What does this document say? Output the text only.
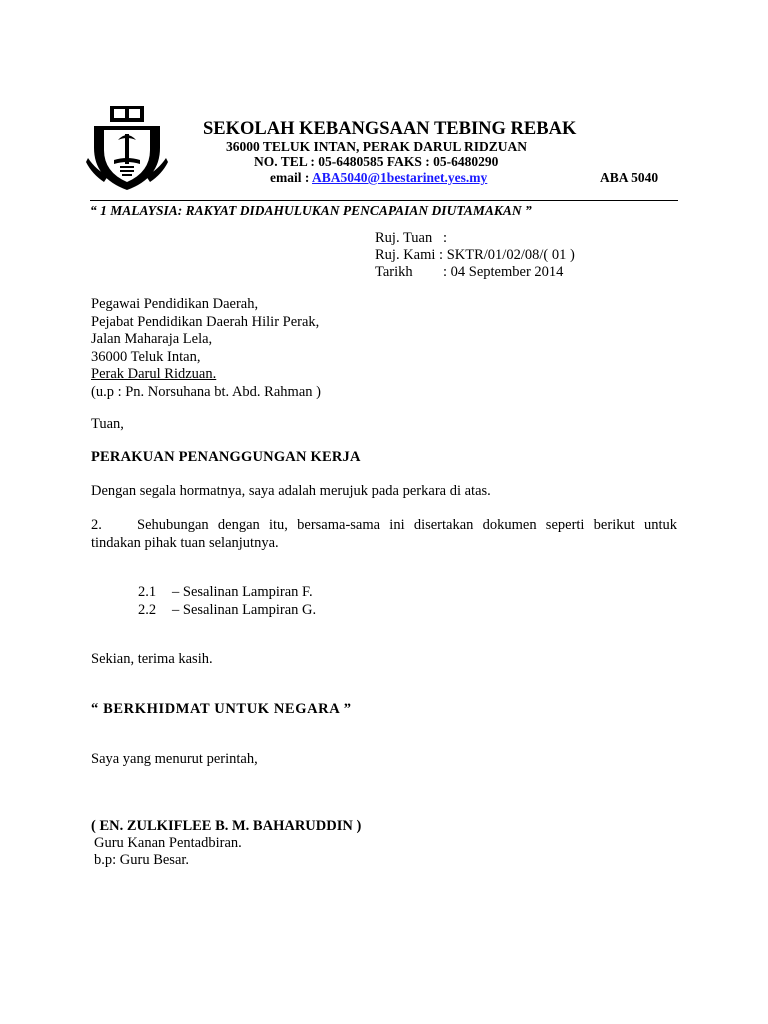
SEKOLAH KEBANGSAAN TEBING REBAK
36000 TELUK INTAN, PERAK DARUL RIDZUAN
NO. TEL : 05-6480585 FAKS : 05-6480290
email : ABA5040@1bestarinet.yes.my	ABA 5040
“ 1 MALAYSIA: RAKYAT DIDAHULUKAN PENCAPAIAN DIUTAMAKAN ”
Ruj. Tuan :
Ruj. Kami : SKTR/01/02/08/( 01 )
Tarikh : 04 September 2014
Pegawai Pendidikan Daerah,
Pejabat Pendidikan Daerah Hilir Perak,
Jalan Maharaja Lela,
36000 Teluk Intan,
Perak Darul Ridzuan.
(u.p : Pn. Norsuhana bt. Abd. Rahman )
Tuan,
PERAKUAN PENANGGUNGAN KERJA
Dengan segala hormatnya, saya adalah merujuk pada perkara di atas.
2.	Sehubungan dengan itu, bersama-sama ini disertakan dokumen seperti berikut untuk
tindakan pihak tuan selanjutnya.
2.1 – Sesalinan Lampiran F.
2.2 – Sesalinan Lampiran G.
Sekian, terima kasih.
“ BERKHIDMAT UNTUK NEGARA ”
Saya yang menurut perintah,
( EN. ZULKIFLEE B. M. BAHARUDDIN )
Guru Kanan Pentadbiran.
b.p: Guru Besar.
